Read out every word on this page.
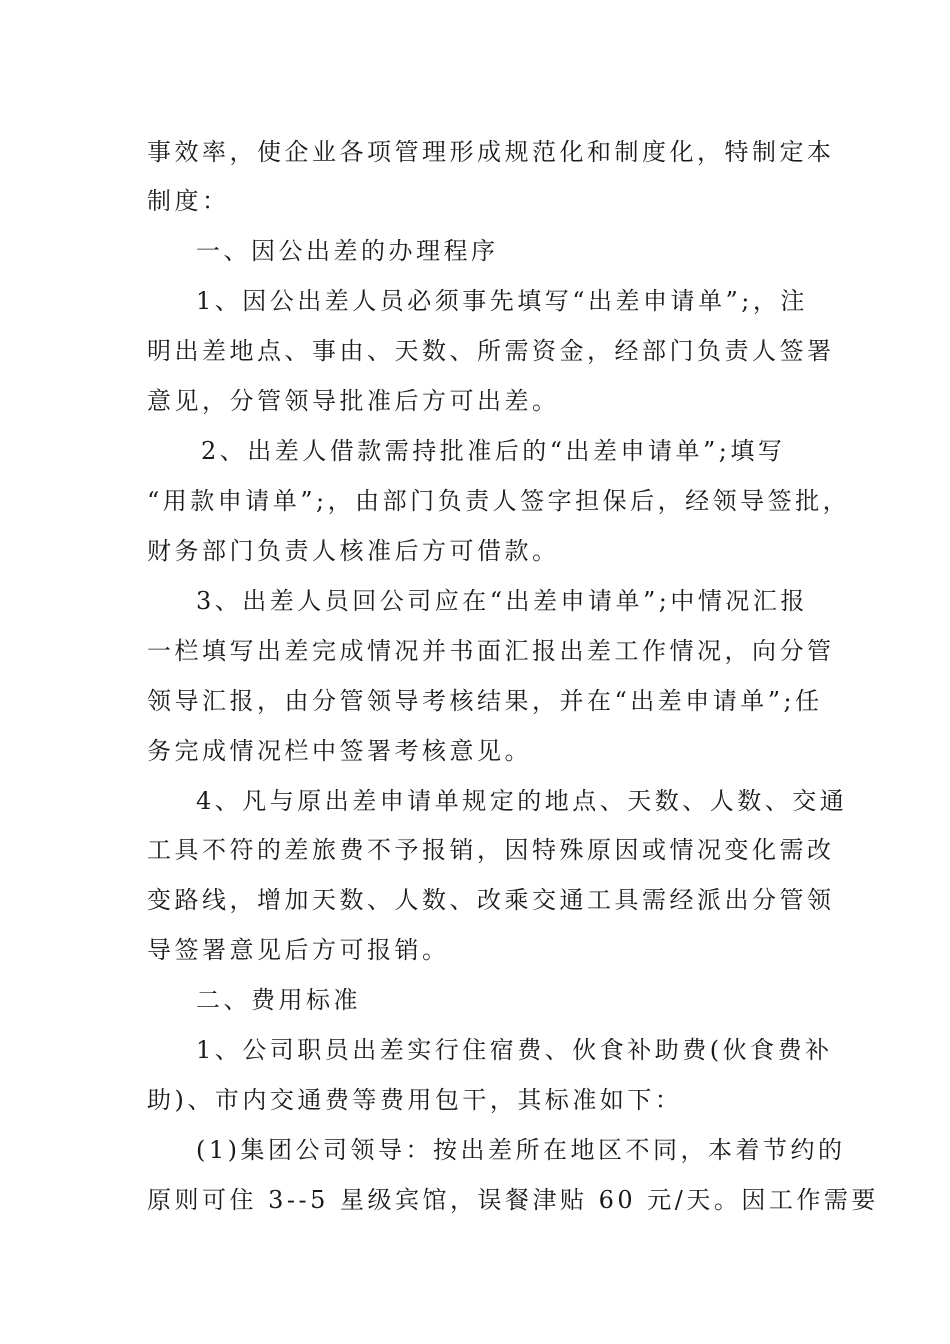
事效率，使企业各项管理形成规范化和制度化，特制定本
制度：
一、因公出差的办理程序
1、因公出差人员必须事先填写“出差申请单”;，注
明出差地点、事由、天数、所需资金，经部门负责人签署
意见，分管领导批准后方可出差。
2、出差人借款需持批准后的“出差申请单”;填写
“用款申请单”;，由部门负责人签字担保后，经领导签批，
财务部门负责人核准后方可借款。
3、出差人员回公司应在“出差申请单”;中情况汇报
一栏填写出差完成情况并书面汇报出差工作情况，向分管
领导汇报，由分管领导考核结果，并在“出差申请单”;任
务完成情况栏中签署考核意见。
4、凡与原出差申请单规定的地点、天数、人数、交通
工具不符的差旅费不予报销，因特殊原因或情况变化需改
变路线，增加天数、人数、改乘交通工具需经派出分管领
导签署意见后方可报销。
二、费用标准
1、公司职员出差实行住宿费、伙食补助费(伙食费补
助)、市内交通费等费用包干，其标准如下：
(1)集团公司领导：按出差所在地区不同，本着节约的
原则可住 3--5 星级宾馆，误餐津贴 60 元/天。因工作需要
